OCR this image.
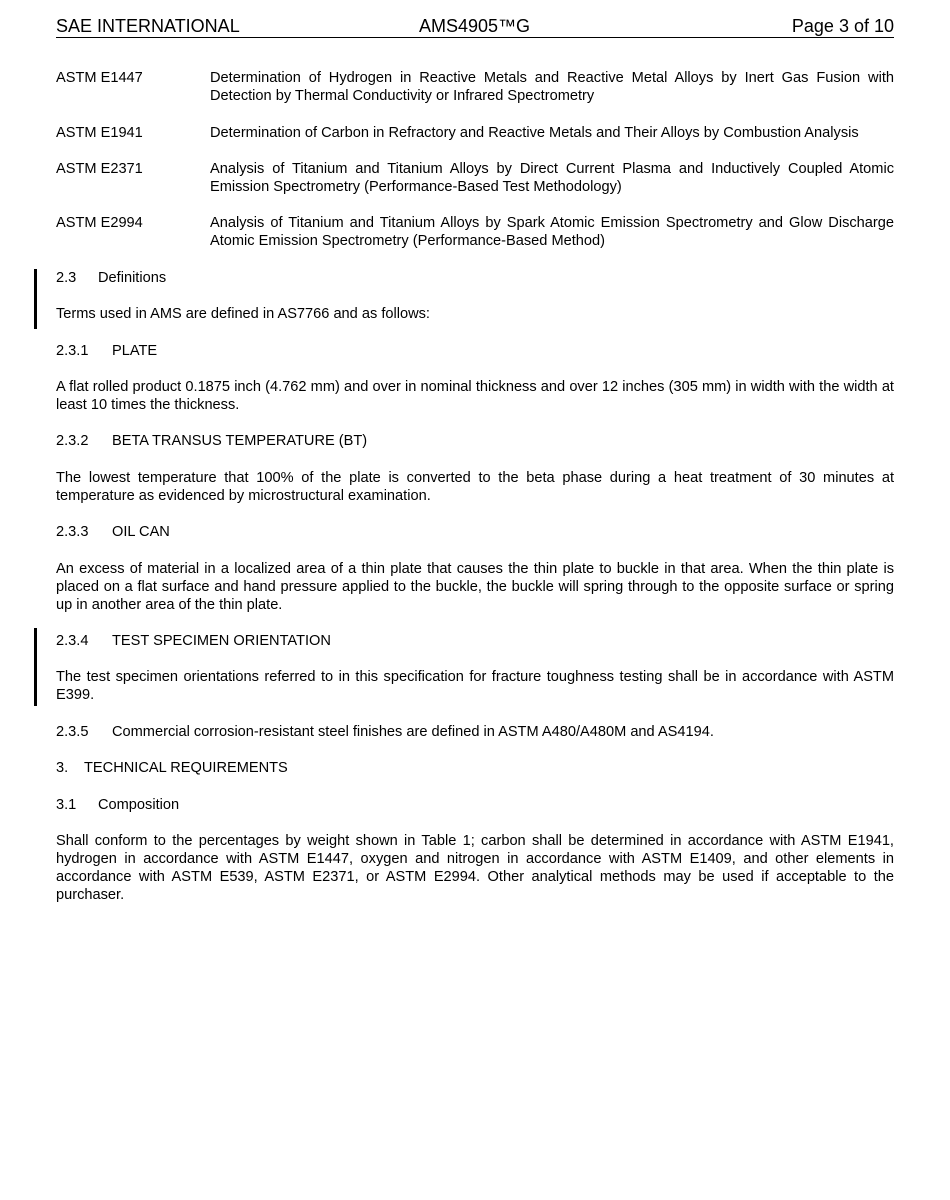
SAE INTERNATIONAL	AMS4905™G	Page 3 of 10
ASTM E1447	Determination of Hydrogen in Reactive Metals and Reactive Metal Alloys by Inert Gas Fusion with Detection by Thermal Conductivity or Infrared Spectrometry
ASTM E1941	Determination of Carbon in Refractory and Reactive Metals and Their Alloys by Combustion Analysis
ASTM E2371	Analysis of Titanium and Titanium Alloys by Direct Current Plasma and Inductively Coupled Atomic Emission Spectrometry (Performance-Based Test Methodology)
ASTM E2994	Analysis of Titanium and Titanium Alloys by Spark Atomic Emission Spectrometry and Glow Discharge Atomic Emission Spectrometry (Performance-Based Method)
2.3 Definitions
Terms used in AMS are defined in AS7766 and as follows:
2.3.1 PLATE
A flat rolled product 0.1875 inch (4.762 mm) and over in nominal thickness and over 12 inches (305 mm) in width with the width at least 10 times the thickness.
2.3.2 BETA TRANSUS TEMPERATURE (BT)
The lowest temperature that 100% of the plate is converted to the beta phase during a heat treatment of 30 minutes at temperature as evidenced by microstructural examination.
2.3.3 OIL CAN
An excess of material in a localized area of a thin plate that causes the thin plate to buckle in that area. When the thin plate is placed on a flat surface and hand pressure applied to the buckle, the buckle will spring through to the opposite surface or spring up in another area of the thin plate.
2.3.4 TEST SPECIMEN ORIENTATION
The test specimen orientations referred to in this specification for fracture toughness testing shall be in accordance with ASTM E399.
2.3.5 Commercial corrosion-resistant steel finishes are defined in ASTM A480/A480M and AS4194.
3. TECHNICAL REQUIREMENTS
3.1 Composition
Shall conform to the percentages by weight shown in Table 1; carbon shall be determined in accordance with ASTM E1941, hydrogen in accordance with ASTM E1447, oxygen and nitrogen in accordance with ASTM E1409, and other elements in accordance with ASTM E539, ASTM E2371, or ASTM E2994. Other analytical methods may be used if acceptable to the purchaser.
